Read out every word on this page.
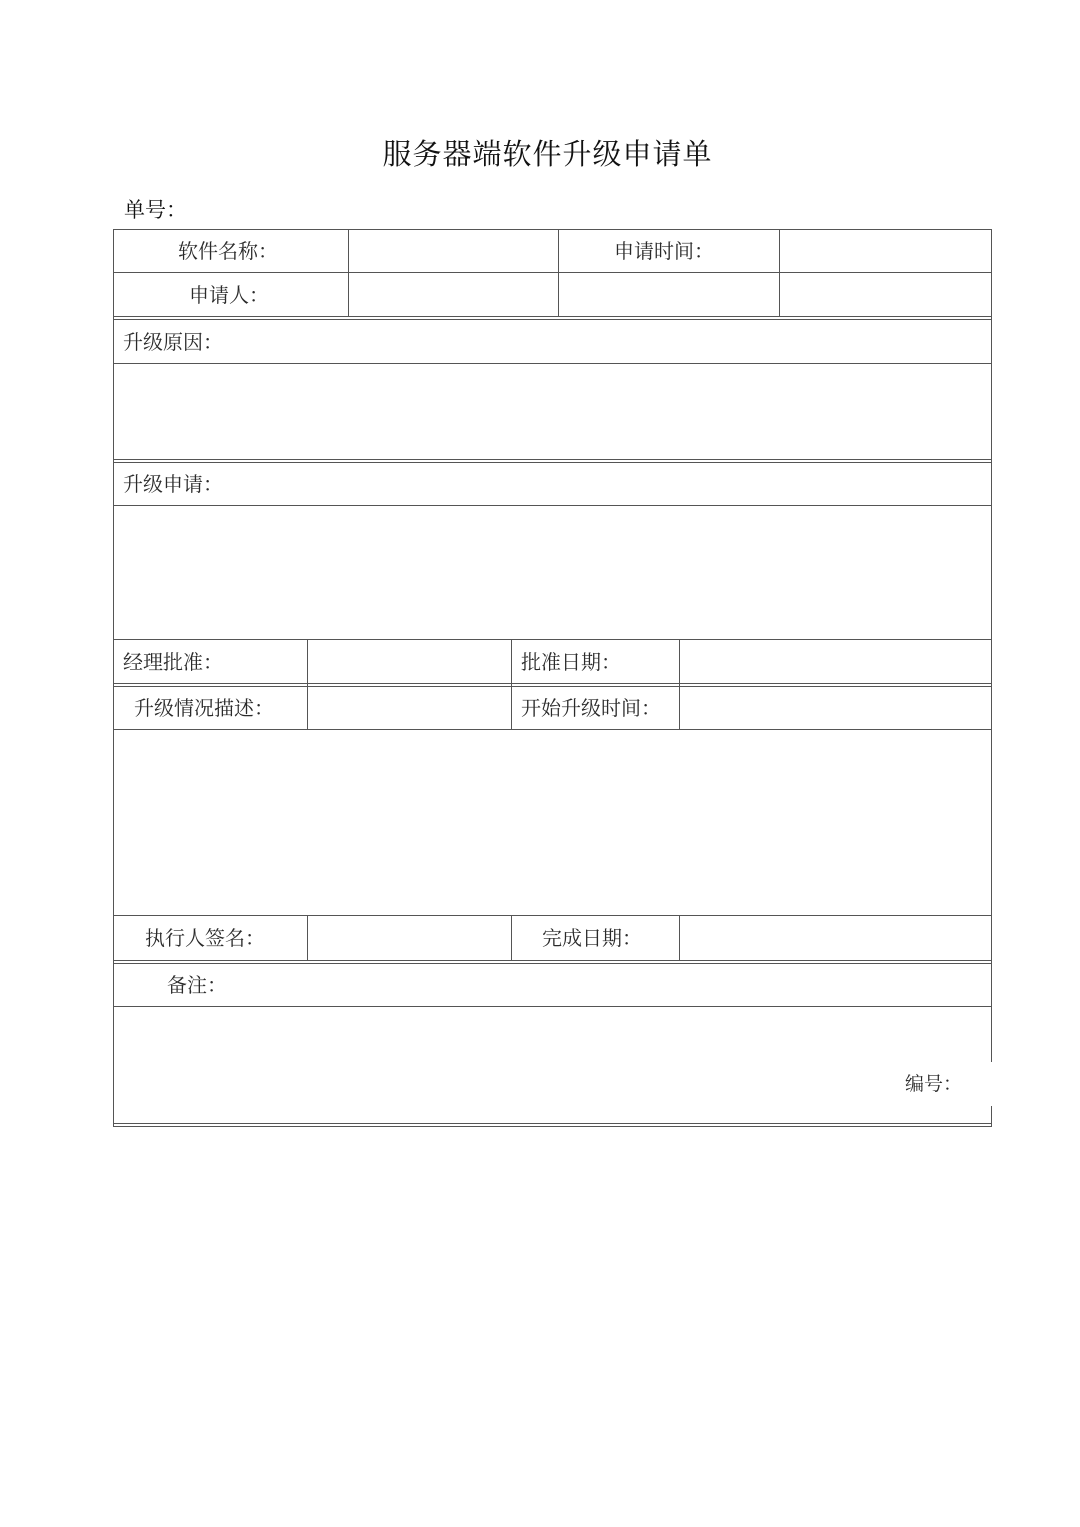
服务器端软件升级申请单
单号：
软件名称：	申请时间：
申请人：
升级原因：
升级申请：
经理批准：	批准日期：
升级情况描述：	开始升级时间：
执行人签名：	完成日期：
备注：
编号：
